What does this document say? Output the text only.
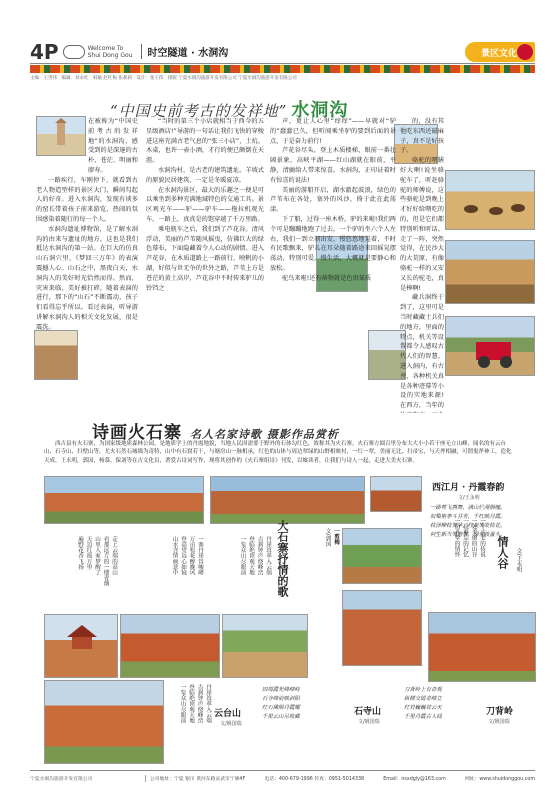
4P	Welcome To
Shui Dong Gou	时空隧道 · 水洞沟	景区文化
主编：王世伟　编辑：刘永红　韩敏 赵红梅 张莉莉　设计：张王伟　排版 宁夏水洞沟旅游开发有限公司 宁夏水洞沟旅游开发有限公司
“中国史前考古的发祥地” 水洞沟

在被称为“中国史前考古的发祥地”的水洞沟，感受到的是深邃的古朴、苍茫、明丽和廖寿。

一路疾行，车刚停下，就看到古老人物造型样的景区大门，瞬间勾起人的好奇。进入水洞沟，发现有谈多的窑长带着孩子前来游览，热闹的氛围感染着随行的每一个人。

水洞沟遗址博物馆，是了解水洞沟的由来与遗址的地方，这也是我们抵达水洞沟的第一站。在巨大的仿真山石洞穴里，《梦回三万年》的表演震撼人心。山石之中，黑夜白天，水洞沟人的美好时光恰然而得。然而，灾害来临，美好被打碎，随着表演的进行，那下的“山石”不断震动，孩子们看得忘乎所以。看过表演，听导游讲解水洞沟人的相关文化发展，很是震洗。

“当时的第三个小店就相当于西今的五星级酒店!”导游的一句话让我们飞快的穿梭进这座充满古老气息的“张三小店”，土炕、木桌，也许一壶小酒，才行的便已颇倒在天涯。

水洞沟村，是古老的建筑遗址。羊坡式的原貌民居建筑，一定是冬暖夏凉。

在水洞沟景区，最大的乐趣之一便是可以乘坐到多种充满地域特色的交通工具。景区观光车——驴——驴车——拖拉机观光车，一路上，真真是的饱穿越了千万里路。

乘电瓶车之后，我们到了芦花谷。清风浮动，美丽的芦苇随风摇曳，仿佛巨大的绿色幕布，下面隐藏着令人心动的剧情。进入芦花谷，在木质道路上一路前行，映帆的小湖，好似与世无争的世外之路，芦苇上方是苍茫的黄土高岸，芦花谷中不时传来驴儿的铃铛之

声，更让人心里“痒痒”——早就对“驴的”蠢蠢已久，但听闻乘坐驴的要到后面的景点，于是奋力前行!

芦花谷尽头，登上木质楼梯，眼前一番壮阔景象，高峡平湖——红山湖就在眼前，平静，清幽给人带来惊喜。水洞沟，正印证着时有惊喜的说法!

美丽的游船开启，湖水澈起波浪，绿色的芦苇布在各处，塞外的风沙，倚于此在此荡漾。

下了船，过得一座木桥，驴的来啦!我们两个可是蹦蹦地跑了过去。一个驴的坐六个人左右，我们一到立刻出发，慢悠悠地晃着，不时有民歌飘来，驴儿在耳朵随着路途来回摇晃摆荡动，特别可爱。慢生活，大概就是要静心和放松。

驼鸟来啦!还有萌物就是色贵氮质

的，没有其他吃东西还磁麻子，真不是好孩子。

骆驼的喂膳好大啊!说坐骆驼车了，听赶骆驼的师傅说，这些骆驼是到晚上才好好给喂吃的的，但是它们都特别听和听话。走了一阵，突然觉得，在民沙大的大荒原，有像骆驼一样的又安又长的驼毛，真是棒啊!

藏兵洞终于到了，这里可是当时藏藏士兵们的地方，里面的特点，机关等设置都令人感叹古代人们的智慧。进入洞内，有古井，各种机关真是各种迹幕等小设的实地来源!在西方，当年的

诗画火石寨 名人名家诗歌 摄影作品赏析
西吉县有火石寨，为国家级地质森林公园，是地质学上的丹霞地貌，当地人民因需要于野外的石体勾红色，故称其为火石寨。火石寨方圆百里分布大大小小若干座无立山峰，闻名的有云台山、石寺山、扫壁山等，尤火石然石城墙为奇特，山中有石窟若干，与塘房山一脉相承，红色的山体与周边翠绿的山野相映衬，一红一翠，美丽无比，扫帚宝，与天斧相融，可谓鬼斧神工，造化天成。王永明，郭国，杨慕、保刘等在吉文化员，著爱古诗词写作，现将其创作的《火石寨组诗》刊发，以飨读者，让我们与诗人一起，走进大美火石寨。
西江月 · 丹霞春韵
文/王永明
一路莺飞燕舞，满山烂漫烟缠。
奴梨艳李斗芬芳，千红映丹霞。
枝泽柳枝笑苹，红炎笑发枝花。
何生新当笑游客，绿芽妆蛋头。
走上云端的高山
看那远方的一缕青烟
山里人家梦醒了
天边红霞万里
遍野花香飞扬	一寨丹崖耸峻峰
万亩松花醉晚风
登高望远心如镜
山水含情画意中	丹崖耸翠入云端
古刹钟声绕峰峦
登临绝顶观天地
一览众山尽眼前	大石寨抒情的歌	一剪梅
文/郭国	一个古老的传说
一处美丽的山谷
一段难忘的记忆
一份真挚的情怀	情人谷 文/王永明
丹崖耸翠入云端
古刹钟声绕峰峦
登临绝顶观天地
一览众山尽眼前	云台山
文/姚国瑞
四周霞光峰峰峙
石寺峰前映斜阳
红石佛阁丹霞耀
千里云山尽收藏	石寺山
文/姚国瑞
刀背岭上有奇观
纵横交错奇峰立
红岩巍巍耸云天
千里丹霞古人间	刀背岭
文/姚国瑞
宁夏水洞沟旅游开发有限公司	公司地址：宁夏 银川 黄河东路灵武市宁修4F	电话：400-679-1996 传真：0951-5014338	Email：nsxdgly@163.com	网址：www.shuidonggou.com
